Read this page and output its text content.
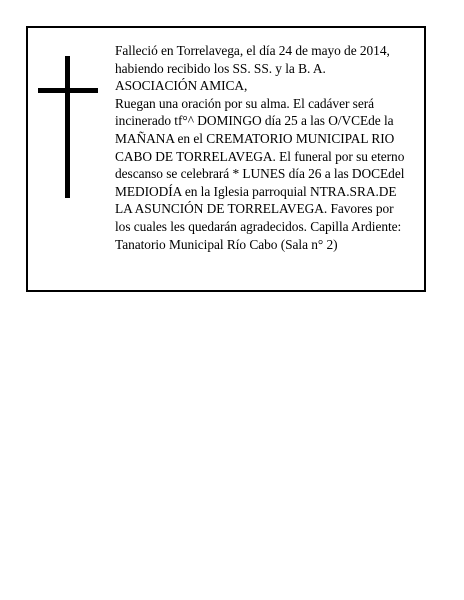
Falleció en Torrelavega, el día 24 de mayo de 2014,
habiendo recibido los SS. SS. y la B. A.
ASOCIACIÓN AMICA,
Ruegan una oración por su alma. El cadáver será
incinerado tf°^ DOMINGO día 25 a las O/VCEde la
MAÑANA en el CREMATORIO MUNICIPAL RIO
CABO DE TORRELAVEGA. El funeral por su eterno
descanso se celebrará * LUNES día 26 a las DOCEdel
MEDIODÍA en la Iglesia parroquial NTRA.SRA.DE
LA ASUNCIÓN DE TORRELAVEGA. Favores por
los cuales les quedarán agradecidos. Capilla Ardiente:
Tanatorio Municipal Río Cabo (Sala n° 2)
